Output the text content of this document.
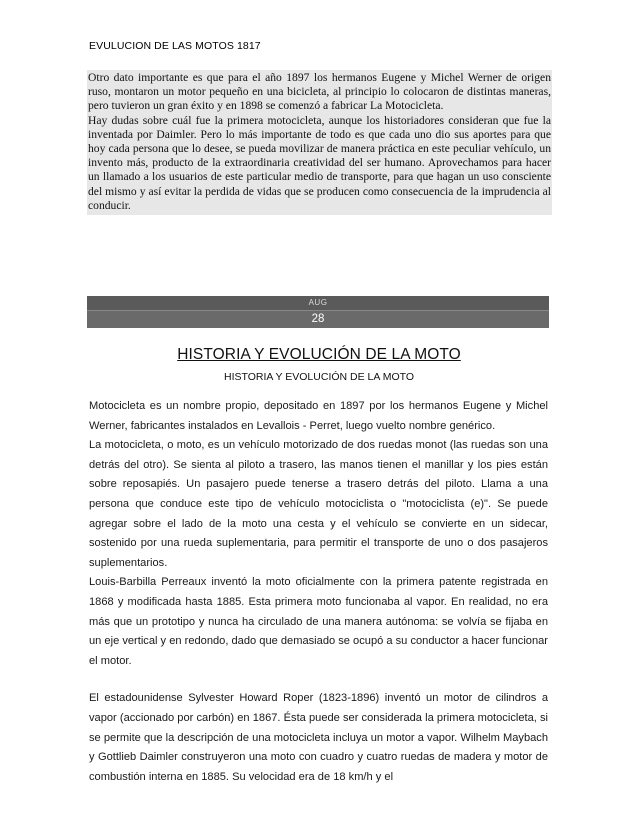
EVULUCION DE LAS MOTOS 1817

Otro dato importante es que para el año 1897 los hermanos Eugene y Michel Werner de origen ruso, montaron un motor pequeño en una bicicleta, al principio lo colocaron de distintas maneras, pero tuvieron un gran éxito y en 1898 se comenzó a fabricar La Motocicleta.

Hay dudas sobre cuál fue la primera motocicleta, aunque los historiadores consideran que fue la inventada por Daimler. Pero lo más importante de todo es que cada uno dio sus aportes para que hoy cada persona que lo desee, se pueda movilizar de manera práctica en este peculiar vehículo, un invento más, producto de la extraordinaria creatividad del ser humano. Aprovechamos para hacer un llamado a los usuarios de este particular medio de transporte, para que hagan un uso consciente del mismo y así evitar la perdida de vidas que se producen como consecuencia de la imprudencia al conducir.

AUG
28
HISTORIA Y EVOLUCIÓN DE LA MOTO
HISTORIA Y EVOLUCIÓN DE LA MOTO

Motocicleta es un nombre propio, depositado en 1897 por los hermanos Eugene y Michel Werner, fabricantes instalados en Levallois - Perret, luego vuelto nombre genérico.

La motocicleta, o moto, es un vehículo motorizado de dos ruedas monot (las ruedas son una detrás del otro). Se sienta al piloto a trasero, las manos tienen el manillar y los pies están sobre reposapiés. Un pasajero puede tenerse a trasero detrás del piloto. Llama a una persona que conduce este tipo de vehículo motociclista o "motociclista (e)". Se puede agregar sobre el lado de la moto una cesta y el vehículo se convierte en un sidecar, sostenido por una rueda suplementaria, para permitir el transporte de uno o dos pasajeros suplementarios.

Louis-Barbilla Perreaux inventó la moto oficialmente con la primera patente registrada en 1868 y modificada hasta 1885. Esta primera moto funcionaba al vapor. En realidad, no era más que un prototipo y nunca ha circulado de una manera autónoma: se volvía se fijaba en un eje vertical y en redondo, dado que demasiado se ocupó a su conductor a hacer funcionar el motor.

El estadounidense Sylvester Howard Roper (1823-1896) inventó un motor de cilindros a vapor (accionado por carbón) en 1867. Ésta puede ser considerada la primera motocicleta, si se permite que la descripción de una motocicleta incluya un motor a vapor. Wilhelm Maybach y Gottlieb Daimler construyeron una moto con cuadro y cuatro ruedas de madera y motor de combustión interna en 1885. Su velocidad era de 18 km/h y el
